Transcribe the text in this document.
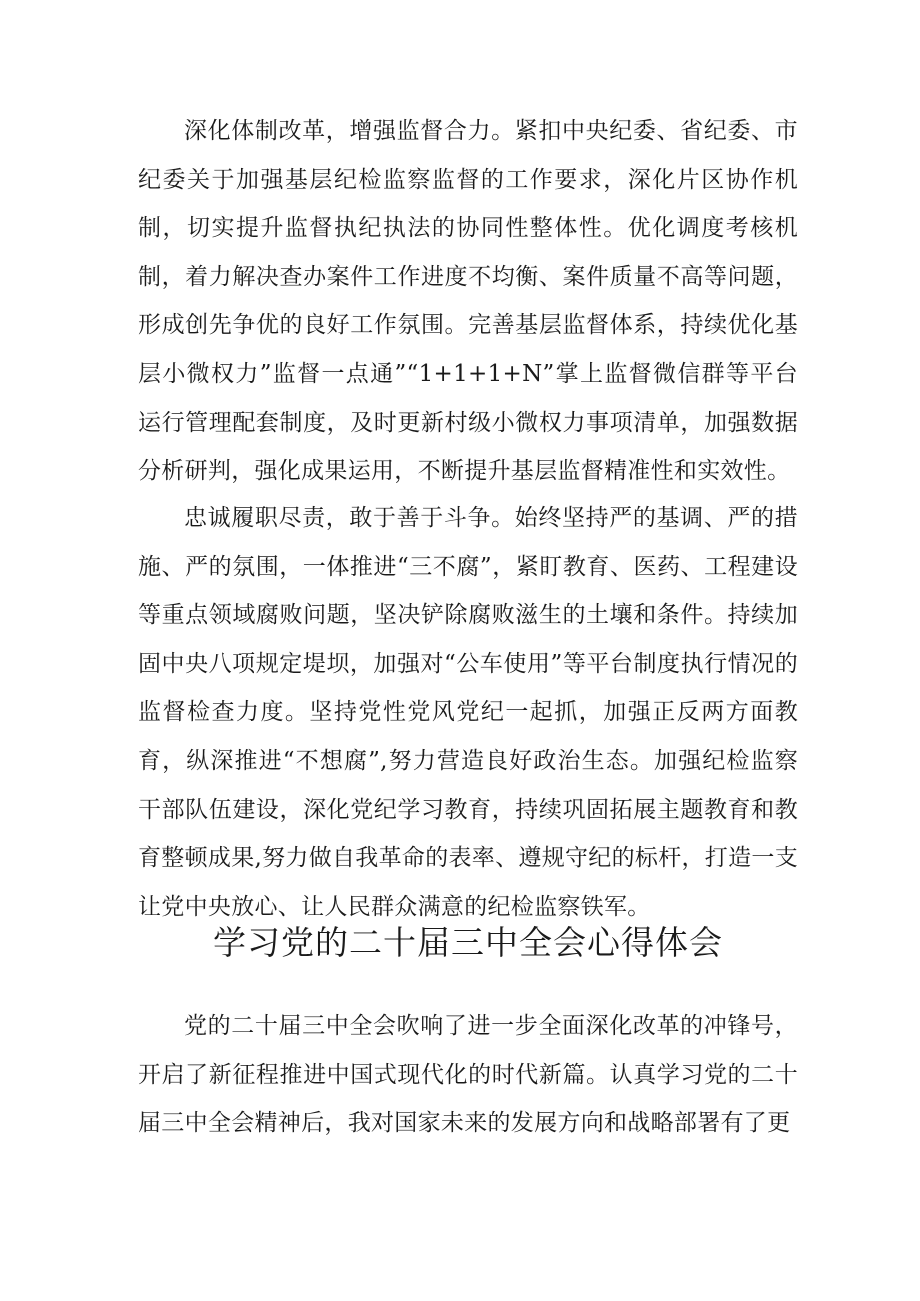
深化体制改革，增强监督合力。紧扣中央纪委、省纪委、市纪委关于加强基层纪检监察监督的工作要求，深化片区协作机制，切实提升监督执纪执法的协同性整体性。优化调度考核机制，着力解决查办案件工作进度不均衡、案件质量不高等问题，形成创先争优的良好工作氛围。完善基层监督体系，持续优化基层小微权力”监督一点通”“1+1+1+N”掌上监督微信群等平台运行管理配套制度，及时更新村级小微权力事项清单，加强数据分析研判，强化成果运用，不断提升基层监督精准性和实效性。

忠诚履职尽责，敢于善于斗争。始终坚持严的基调、严的措施、严的氛围，一体推进“三不腐”，紧盯教育、医药、工程建设等重点领域腐败问题，坚决铲除腐败滋生的土壤和条件。持续加固中央八项规定堤坝，加强对“公车使用”等平台制度执行情况的监督检查力度。坚持党性党风党纪一起抓，加强正反两方面教育，纵深推进“不想腐”,努力营造良好政治生态。加强纪检监察干部队伍建设，深化党纪学习教育，持续巩固拓展主题教育和教育整顿成果,努力做自我革命的表率、遵规守纪的标杆，打造一支让党中央放心、让人民群众满意的纪检监察铁军。

学习党的二十届三中全会心得体会

党的二十届三中全会吹响了进一步全面深化改革的冲锋号，开启了新征程推进中国式现代化的时代新篇。认真学习党的二十届三中全会精神后，我对国家未来的发展方向和战略部署有了更
